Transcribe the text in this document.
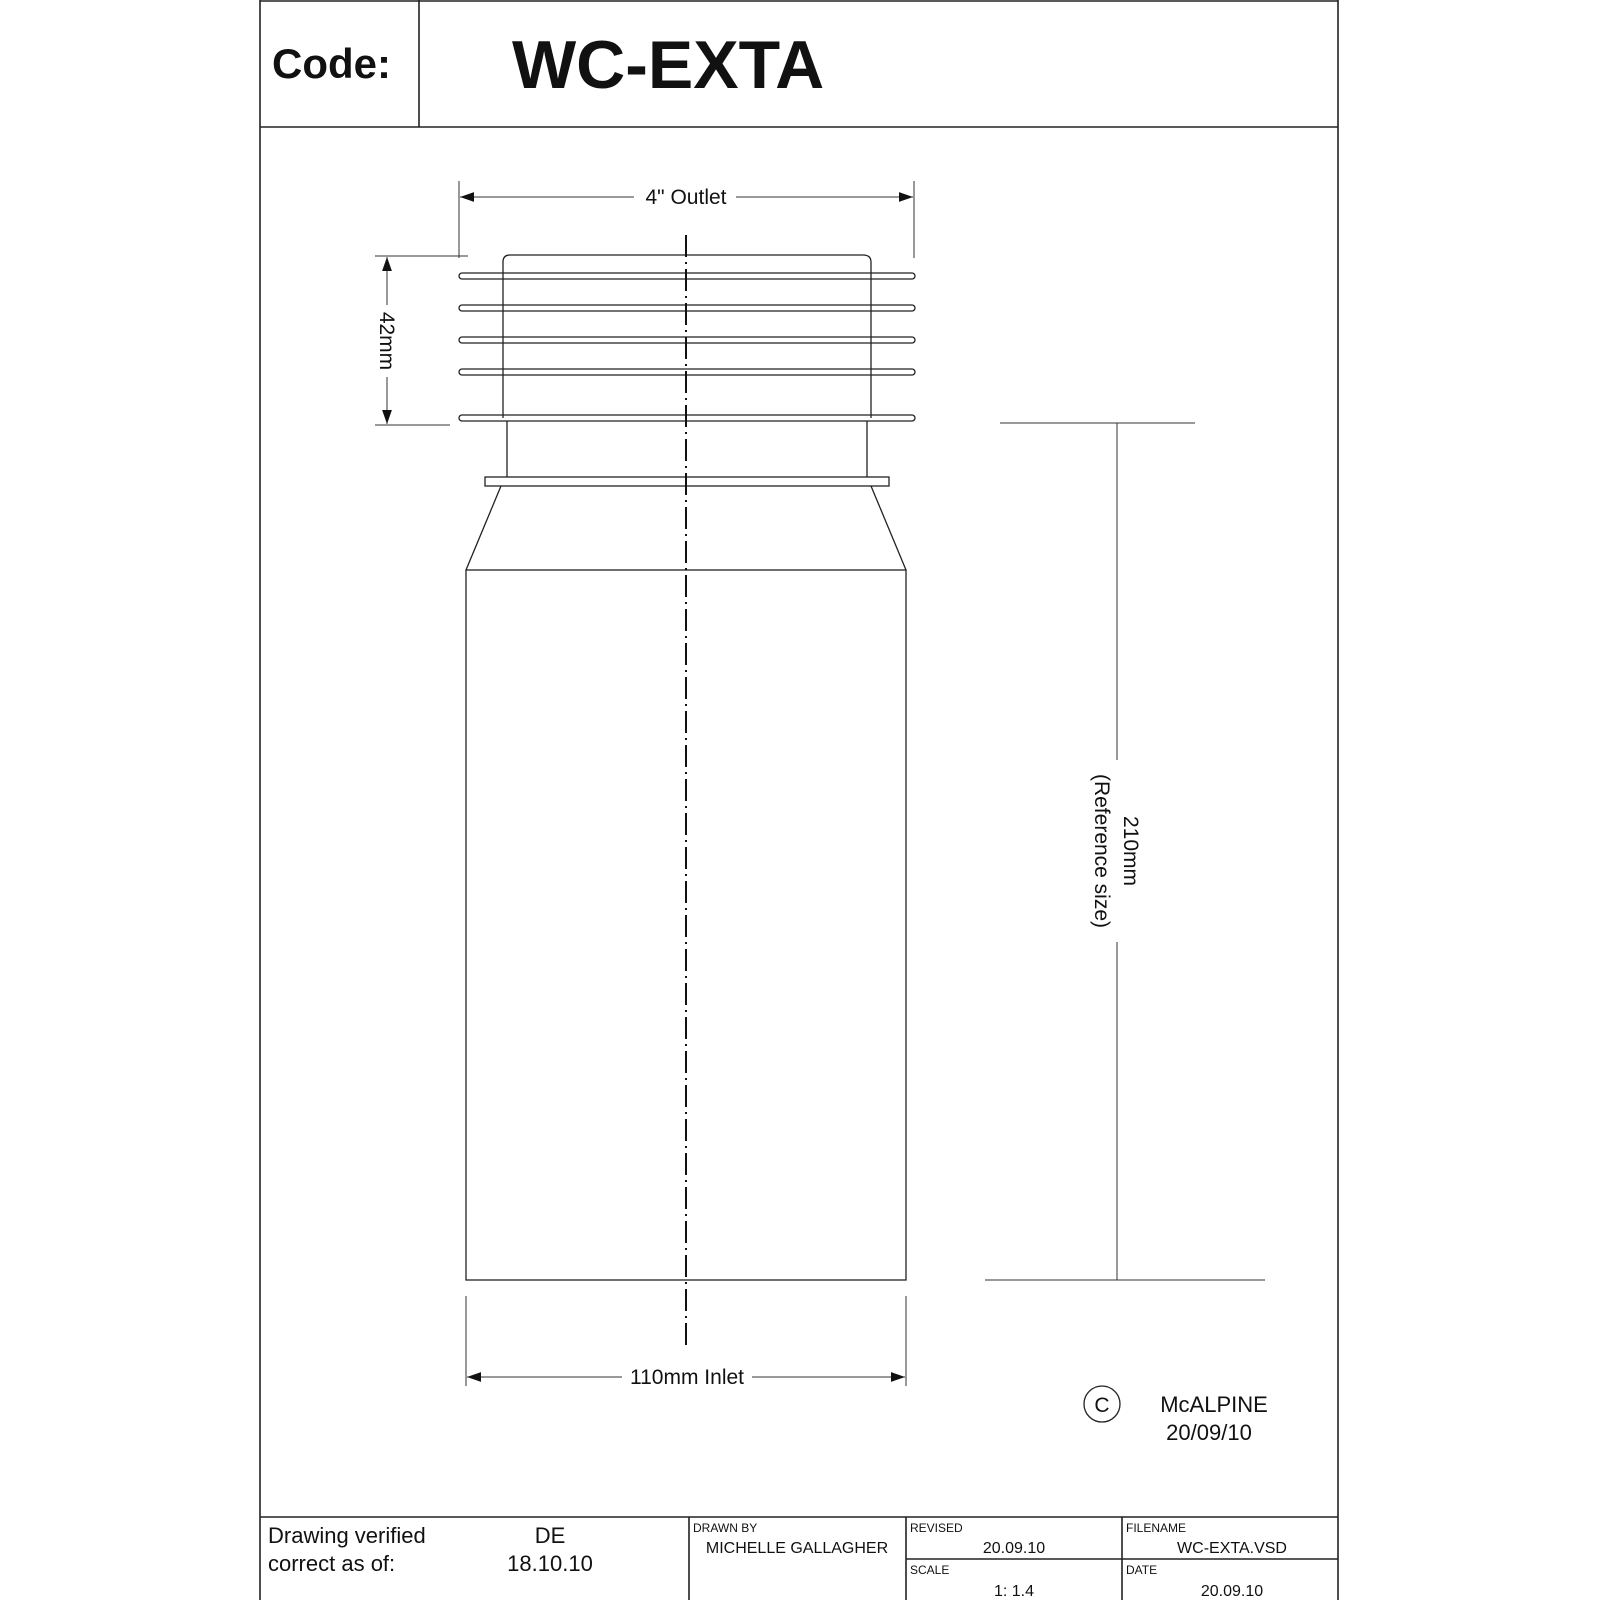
Code: WC-EXTA
4" Outlet
42mm
210mm
(Reference size)
110mm Inlet
C McALPINE
20/09/10
Drawing verified
correct as of:
DE
18.10.10
DRAWN BY
MICHELLE GALLAGHER
REVISED
20.09.10
SCALE
1: 1.4
FILENAME
WC-EXTA.VSD
DATE
20.09.10
